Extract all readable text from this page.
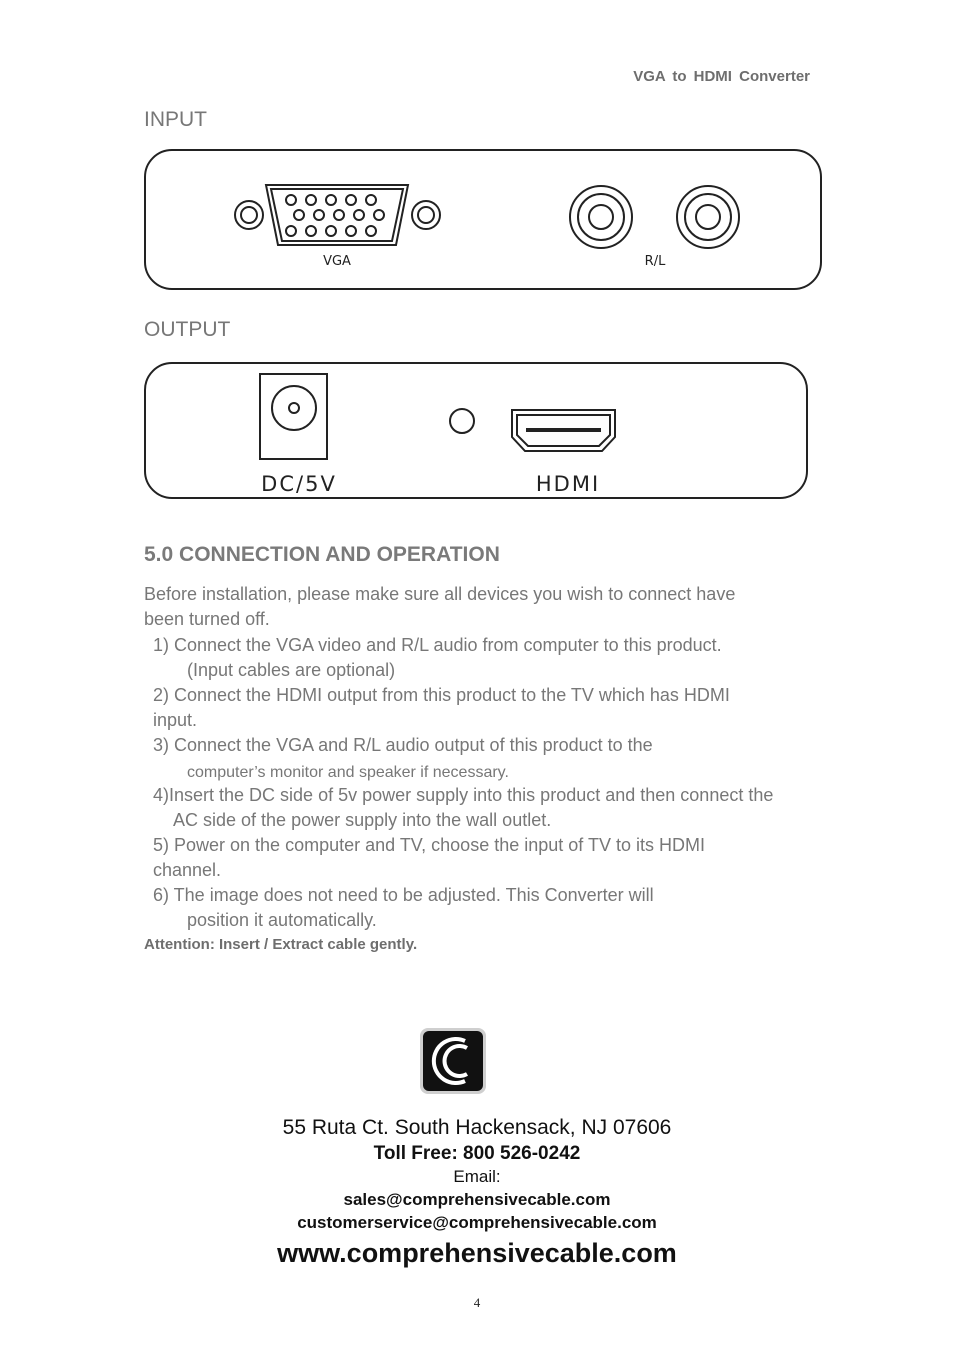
VGA to HDMI Converter
INPUT
VGA	R/L
OUTPUT
DC/5V	HDMI
5.0 CONNECTION AND OPERATION
Before installation, please make sure all devices you wish to connect have
been turned off.
1) Connect the VGA video and R/L audio from computer to this product.
(Input cables are optional)
2) Connect the HDMI output from this product to the TV which has HDMI
input.
3) Connect the VGA and R/L audio output of this product to the
computer’s monitor and speaker if necessary.
4)Insert the DC side of 5v power supply into this product and then connect the
AC side of the power supply into the wall outlet.
5) Power on the computer and TV, choose the input of TV to its HDMI
channel.
6) The image does not need to be adjusted. This Converter will
position it automatically.
Attention: Insert / Extract cable gently.
55 Ruta Ct. South Hackensack, NJ 07606
Toll Free: 800 526-0242
Email:
sales@comprehensivecable.com
customerservice@comprehensivecable.com
www.comprehensivecable.com
4
